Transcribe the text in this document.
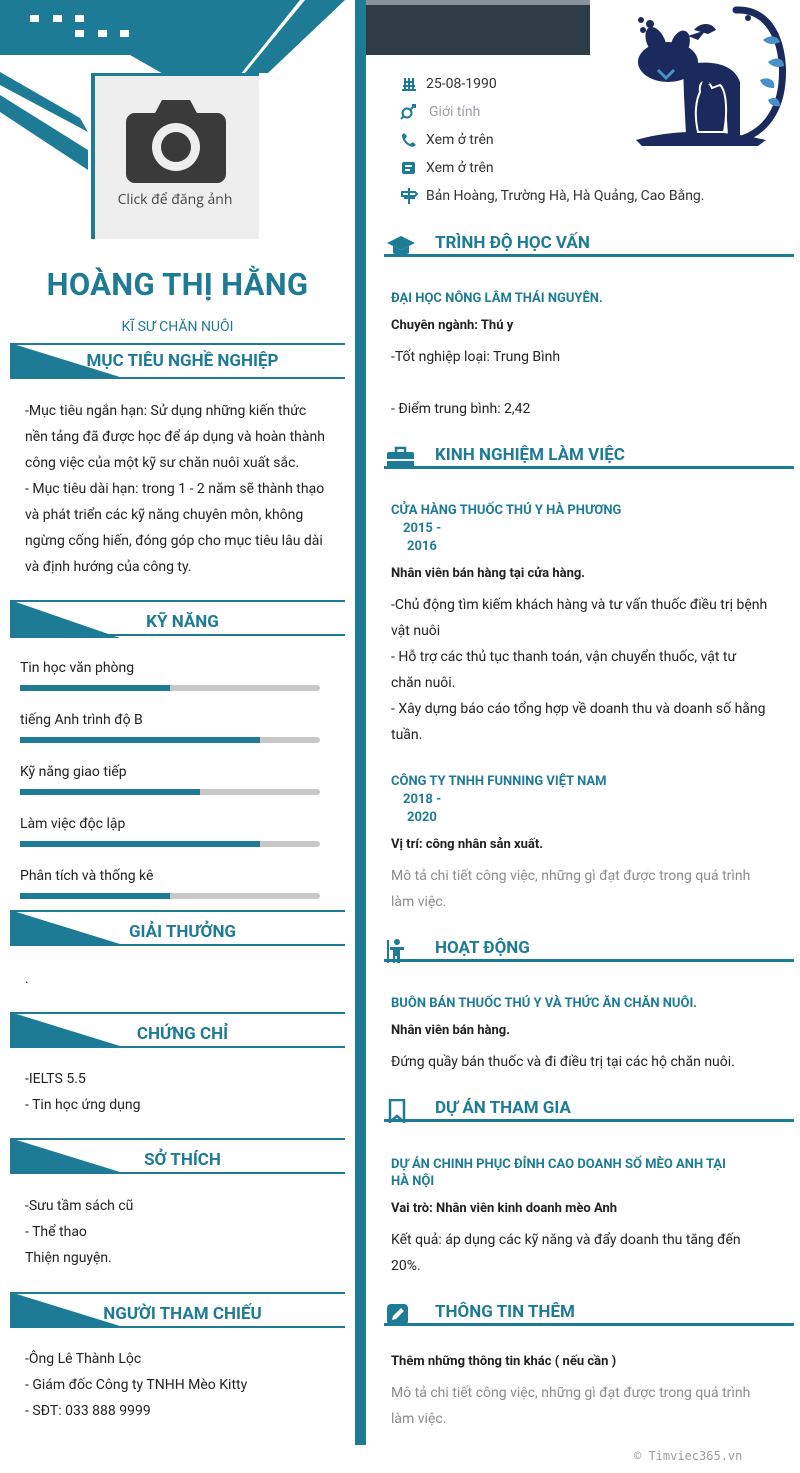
Click để đăng ảnh
HOÀNG THỊ HẰNG
KĨ SƯ CHĂN NUÔI
MỤC TIÊU NGHỀ NGHIỆP
-Mục tiêu ngắn hạn: Sử dụng những kiến thức
nền tảng đã được học để áp dụng và hoàn thành
công việc của một kỹ sư chăn nuôi xuất sắc.
- Mục tiêu dài hạn: trong 1 - 2 năm sẽ thành thạo
và phát triển các kỹ năng chuyên môn, không
ngừng cống hiến, đóng góp cho mục tiêu lâu dài
và định hướng của công ty.
KỸ NĂNG
Tin học văn phòng
tiếng Anh trình độ B
Kỹ năng giao tiếp
Làm việc độc lập
Phân tích và thống kê
GIẢI THƯỞNG
.
CHỨNG CHỈ
-IELTS 5.5
- Tin học ứng dụng
SỞ THÍCH
-Sưu tầm sách cũ
- Thể thao
Thiện nguyện.
NGƯỜI THAM CHIẾU
-Ông Lê Thành Lộc
- Giám đốc Công ty TNHH Mèo Kitty
- SĐT: 033 888 9999
25-08-1990
Giới tính
Xem ở trên
Xem ở trên
Bản Hoàng, Trường Hà, Hà Quảng, Cao Bằng.
TRÌNH ĐỘ HỌC VẤN
ĐẠI HỌC NÔNG LÂM THÁI NGUYÊN.
Chuyên ngành: Thú y
-Tốt nghiệp loại: Trung Bình
- Điểm trung bình: 2,42
KINH NGHIỆM LÀM VIỆC
CỬA HÀNG THUỐC THÚ Y HÀ PHƯƠNG
2015 -
2016
Nhân viên bán hàng tại cửa hàng.
-Chủ động tìm kiếm khách hàng và tư vấn thuốc điều trị bệnh
vật nuôi
- Hỗ trợ các thủ tục thanh toán, vận chuyển thuốc, vật tư
chăn nuôi.
- Xây dựng báo cáo tổng hợp về doanh thu và doanh số hằng
tuần.
CÔNG TY TNHH FUNNING VIỆT NAM
2018 -
2020
Vị trí: công nhân sản xuất.
Mô tả chi tiết công việc, những gì đạt được trong quá trình
làm việc.
HOẠT ĐỘNG
BUÔN BÁN THUỐC THÚ Y VÀ THỨC ĂN CHĂN NUÔI.
Nhân viên bán hàng.
Đứng quầy bán thuốc và đi điều trị tại các hộ chăn nuôi.
DỰ ÁN THAM GIA
DỰ ÁN CHINH PHỤC ĐỈNH CAO DOANH SỐ MÈO ANH TẠI
HÀ NỘI
Vai trò: Nhân viên kinh doanh mèo Anh
Kết quả: áp dụng các kỹ năng và đẩy doanh thu tăng đến
20%.
THÔNG TIN THÊM
Thêm những thông tin khác ( nếu cần )
Mô tả chi tiết công việc, những gì đạt được trong quá trình
làm việc.
© Timviec365.vn
